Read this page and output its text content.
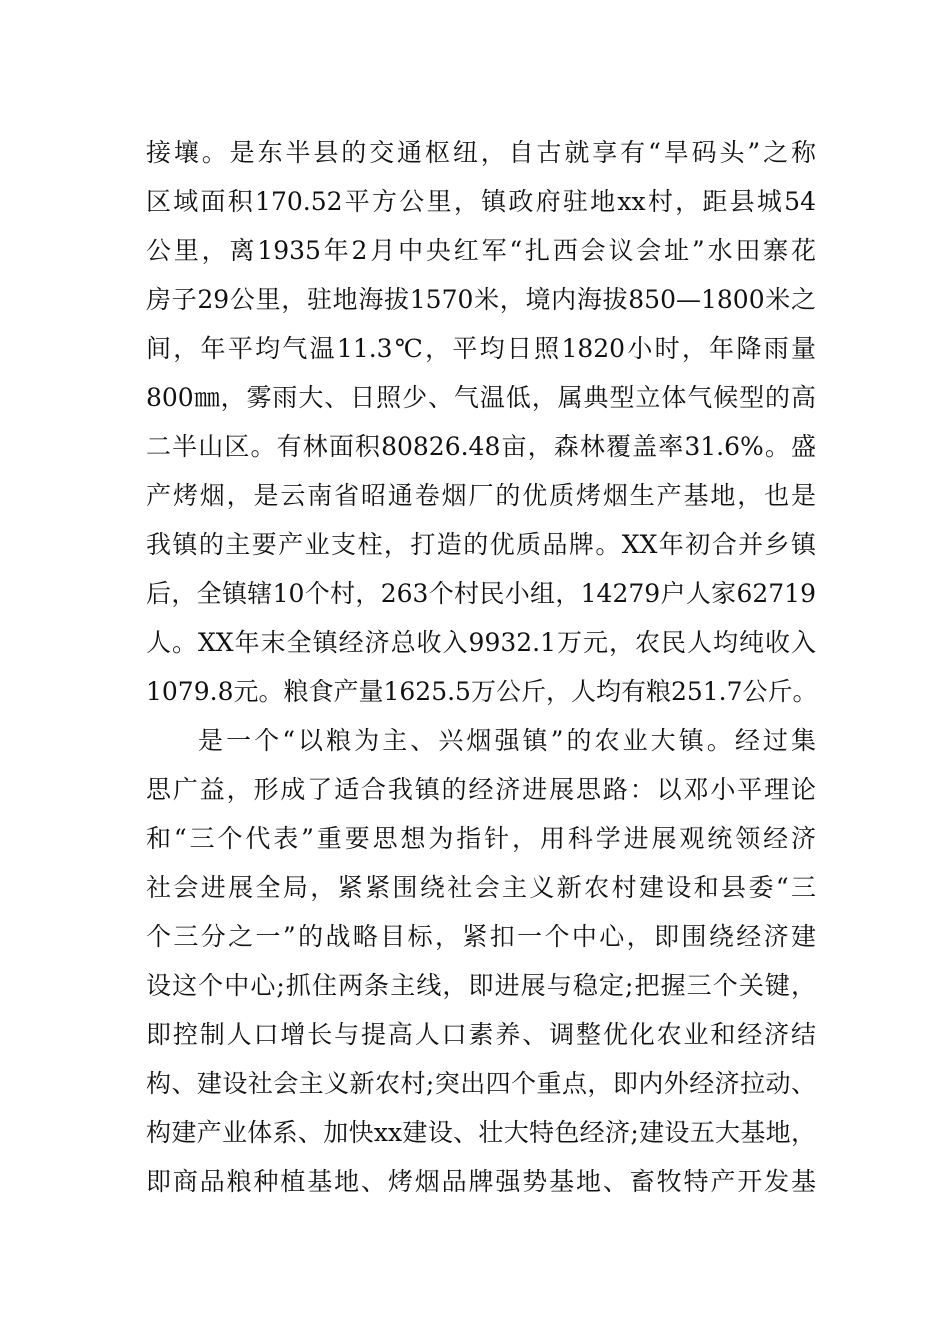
接壤。是东半县的交通枢纽，自古就享有“旱码头”之称
区域面积170.52平方公里，镇政府驻地xx村，距县城54
公里，离1935年2月中央红军“扎西会议会址”水田寨花
房子29公里，驻地海拔1570米，境内海拔850—1800米之
间，年平均气温11.3℃，平均日照1820小时，年降雨量
800㎜，雾雨大、日照少、气温低，属典型立体气候型的高
二半山区。有林面积80826.48亩，森林覆盖率31.6%。盛
产烤烟，是云南省昭通卷烟厂的优质烤烟生产基地，也是
我镇的主要产业支柱，打造的优质品牌。XX年初合并乡镇
后，全镇辖10个村，263个村民小组，14279户人家62719
人。XX年末全镇经济总收入9932.1万元，农民人均纯收入
1079.8元。粮食产量1625.5万公斤，人均有粮251.7公斤。
是一个“以粮为主、兴烟强镇”的农业大镇。经过集
思广益，形成了适合我镇的经济进展思路：以邓小平理论
和“三个代表”重要思想为指针，用科学进展观统领经济
社会进展全局，紧紧围绕社会主义新农村建设和县委“三
个三分之一”的战略目标，紧扣一个中心，即围绕经济建
设这个中心;抓住两条主线，即进展与稳定;把握三个关键，
即控制人口增长与提高人口素养、调整优化农业和经济结
构、建设社会主义新农村;突出四个重点，即内外经济拉动、
构建产业体系、加快xx建设、壮大特色经济;建设五大基地，
即商品粮种植基地、烤烟品牌强势基地、畜牧特产开发基
